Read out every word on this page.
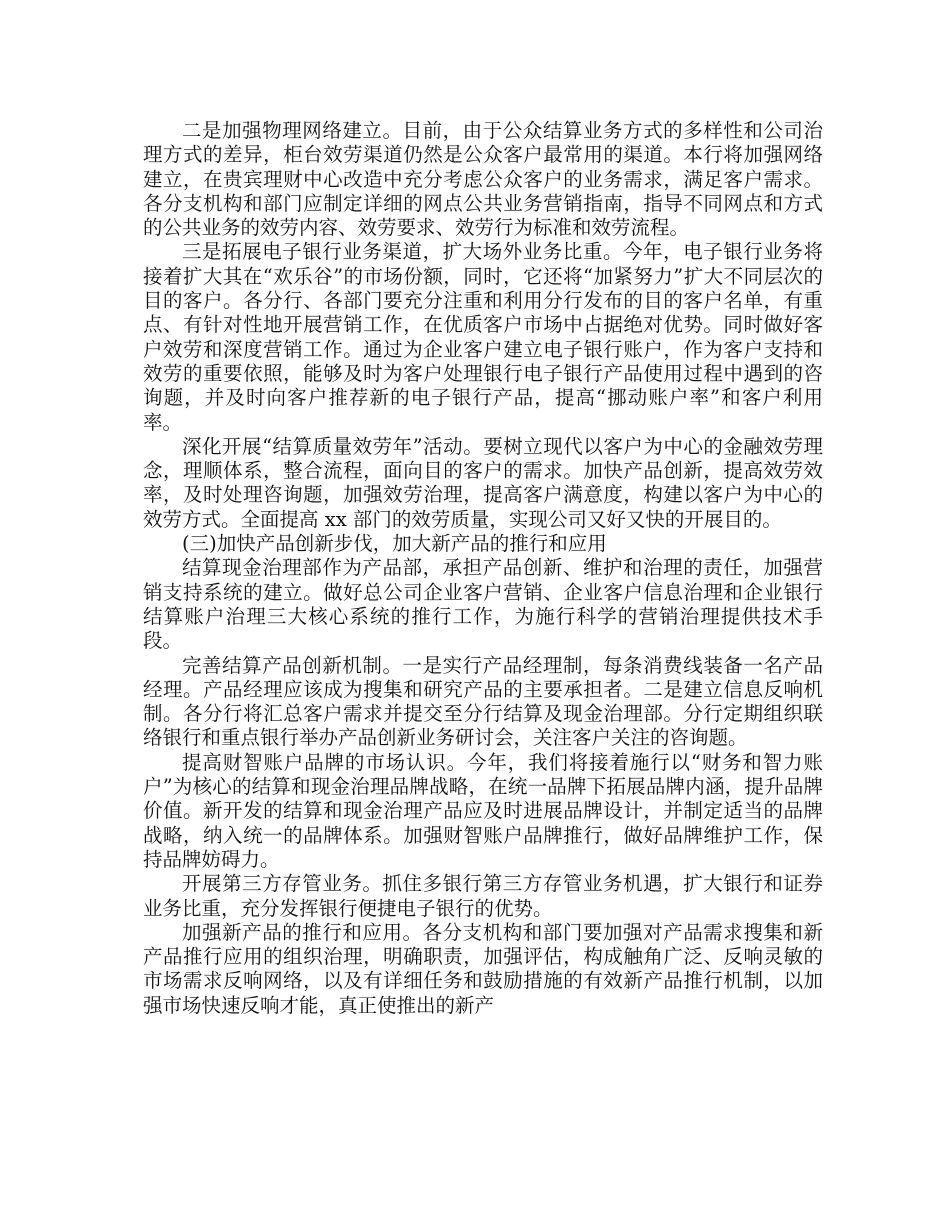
二是加强物理网络建立。目前，由于公众结算业务方式的多样性和公司治理方式的差异，柜台效劳渠道仍然是公众客户最常用的渠道。本行将加强网络建立，在贵宾理财中心改造中充分考虑公众客户的业务需求，满足客户需求。各分支机构和部门应制定详细的网点公共业务营销指南，指导不同网点和方式的公共业务的效劳内容、效劳要求、效劳行为标准和效劳流程。

三是拓展电子银行业务渠道，扩大场外业务比重。今年，电子银行业务将接着扩大其在“欢乐谷”的市场份额，同时，它还将“加紧努力”扩大不同层次的目的客户。各分行、各部门要充分注重和利用分行发布的目的客户名单，有重点、有针对性地开展营销工作，在优质客户市场中占据绝对优势。同时做好客户效劳和深度营销工作。通过为企业客户建立电子银行账户，作为客户支持和效劳的重要依照，能够及时为客户处理银行电子银行产品使用过程中遇到的咨询题，并及时向客户推荐新的电子银行产品，提高“挪动账户率”和客户利用率。

深化开展“结算质量效劳年”活动。要树立现代以客户为中心的金融效劳理念，理顺体系，整合流程，面向目的客户的需求。加快产品创新，提高效劳效率，及时处理咨询题，加强效劳治理，提高客户满意度，构建以客户为中心的效劳方式。全面提高 xx 部门的效劳质量，实现公司又好又快的开展目的。

(三)加快产品创新步伐，加大新产品的推行和应用

结算现金治理部作为产品部，承担产品创新、维护和治理的责任，加强营销支持系统的建立。做好总公司企业客户营销、企业客户信息治理和企业银行结算账户治理三大核心系统的推行工作，为施行科学的营销治理提供技术手段。

完善结算产品创新机制。一是实行产品经理制，每条消费线装备一名产品经理。产品经理应该成为搜集和研究产品的主要承担者。二是建立信息反响机制。各分行将汇总客户需求并提交至分行结算及现金治理部。分行定期组织联络银行和重点银行举办产品创新业务研讨会，关注客户关注的咨询题。

提高财智账户品牌的市场认识。今年，我们将接着施行以“财务和智力账户”为核心的结算和现金治理品牌战略，在统一品牌下拓展品牌内涵，提升品牌价值。新开发的结算和现金治理产品应及时进展品牌设计，并制定适当的品牌战略，纳入统一的品牌体系。加强财智账户品牌推行，做好品牌维护工作，保持品牌妨碍力。

开展第三方存管业务。抓住多银行第三方存管业务机遇，扩大银行和证券业务比重，充分发挥银行便捷电子银行的优势。

加强新产品的推行和应用。各分支机构和部门要加强对产品需求搜集和新产品推行应用的组织治理，明确职责，加强评估，构成触角广泛、反响灵敏的市场需求反响网络，以及有详细任务和鼓励措施的有效新产品推行机制，以加强市场快速反响才能，真正使推出的新产
